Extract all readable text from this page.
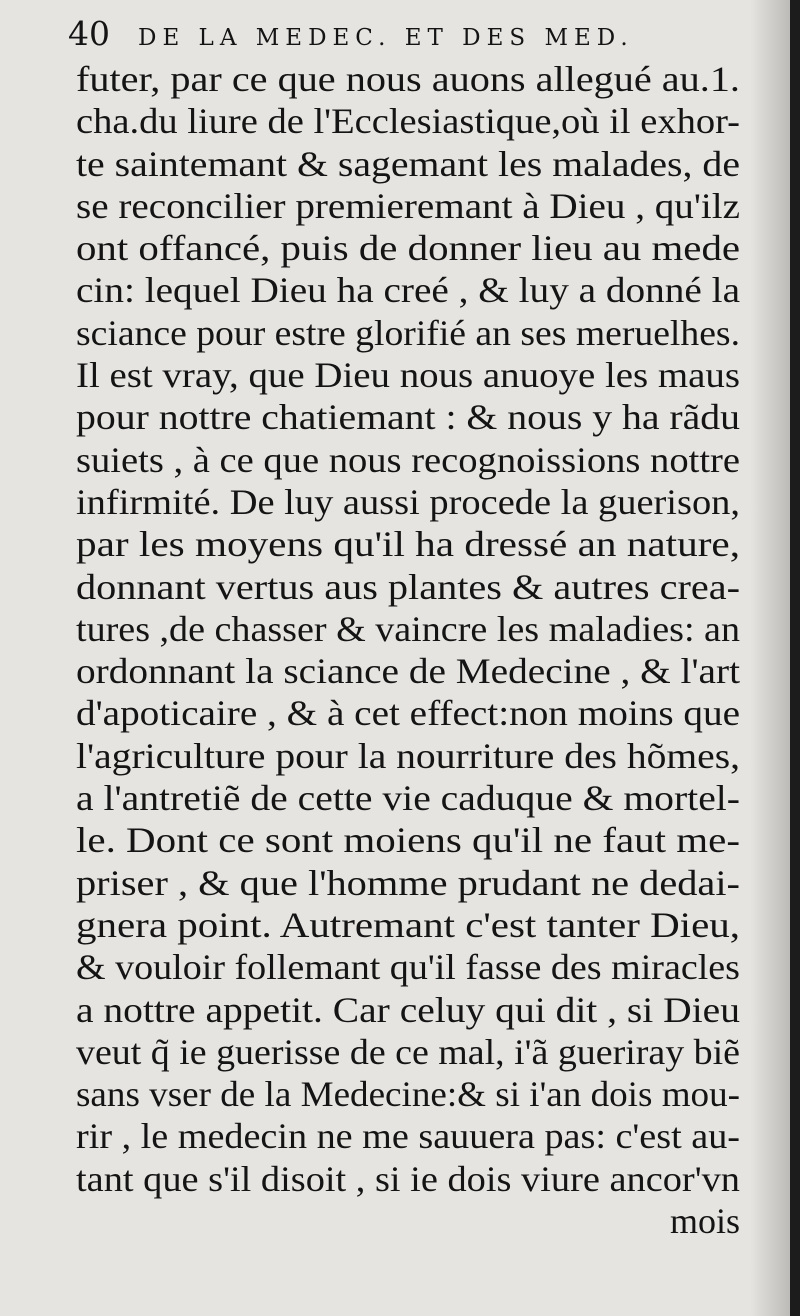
40 DE LA MEDEC. ET DES MED.
futer, par ce que nous auons allegué au.1.
cha.du liure de l'Ecclesiastique,où il exhor-
te saintemant & sagemant les malades, de
se reconcilier premieremant à Dieu , qu'ilz
ont offancé, puis de donner lieu au mede
cin: lequel Dieu ha creé , & luy a donné la
sciance pour estre glorifié an ses meruelhes.
Il est vray, que Dieu nous anuoye les maus
pour nottre chatiemant : & nous y ha rãdu
suiets , à ce que nous recognoissions nottre
infirmité. De luy aussi procede la guerison,
par les moyens qu'il ha dressé an nature,
donnant vertus aus plantes & autres crea-
tures ,de chasser & vaincre les maladies: an
ordonnant la sciance de Medecine , & l'art
d'apoticaire , & à cet effect:non moins que
l'agriculture pour la nourriture des hõmes,
a l'antretiẽ de cette vie caduque & mortel-
le. Dont ce sont moiens qu'il ne faut me-
priser , & que l'homme prudant ne dedai-
gnera point. Autremant c'est tanter Dieu,
& vouloir follemant qu'il fasse des miracles
a nottre appetit. Car celuy qui dit , si Dieu
veut q̃ ie guerisse de ce mal, i'ã gueriray biẽ
sans vser de la Medecine:& si i'an dois mou-
rir , le medecin ne me sauuera pas: c'est au-
tant que s'il disoit , si ie dois viure ancor'vn
mois
